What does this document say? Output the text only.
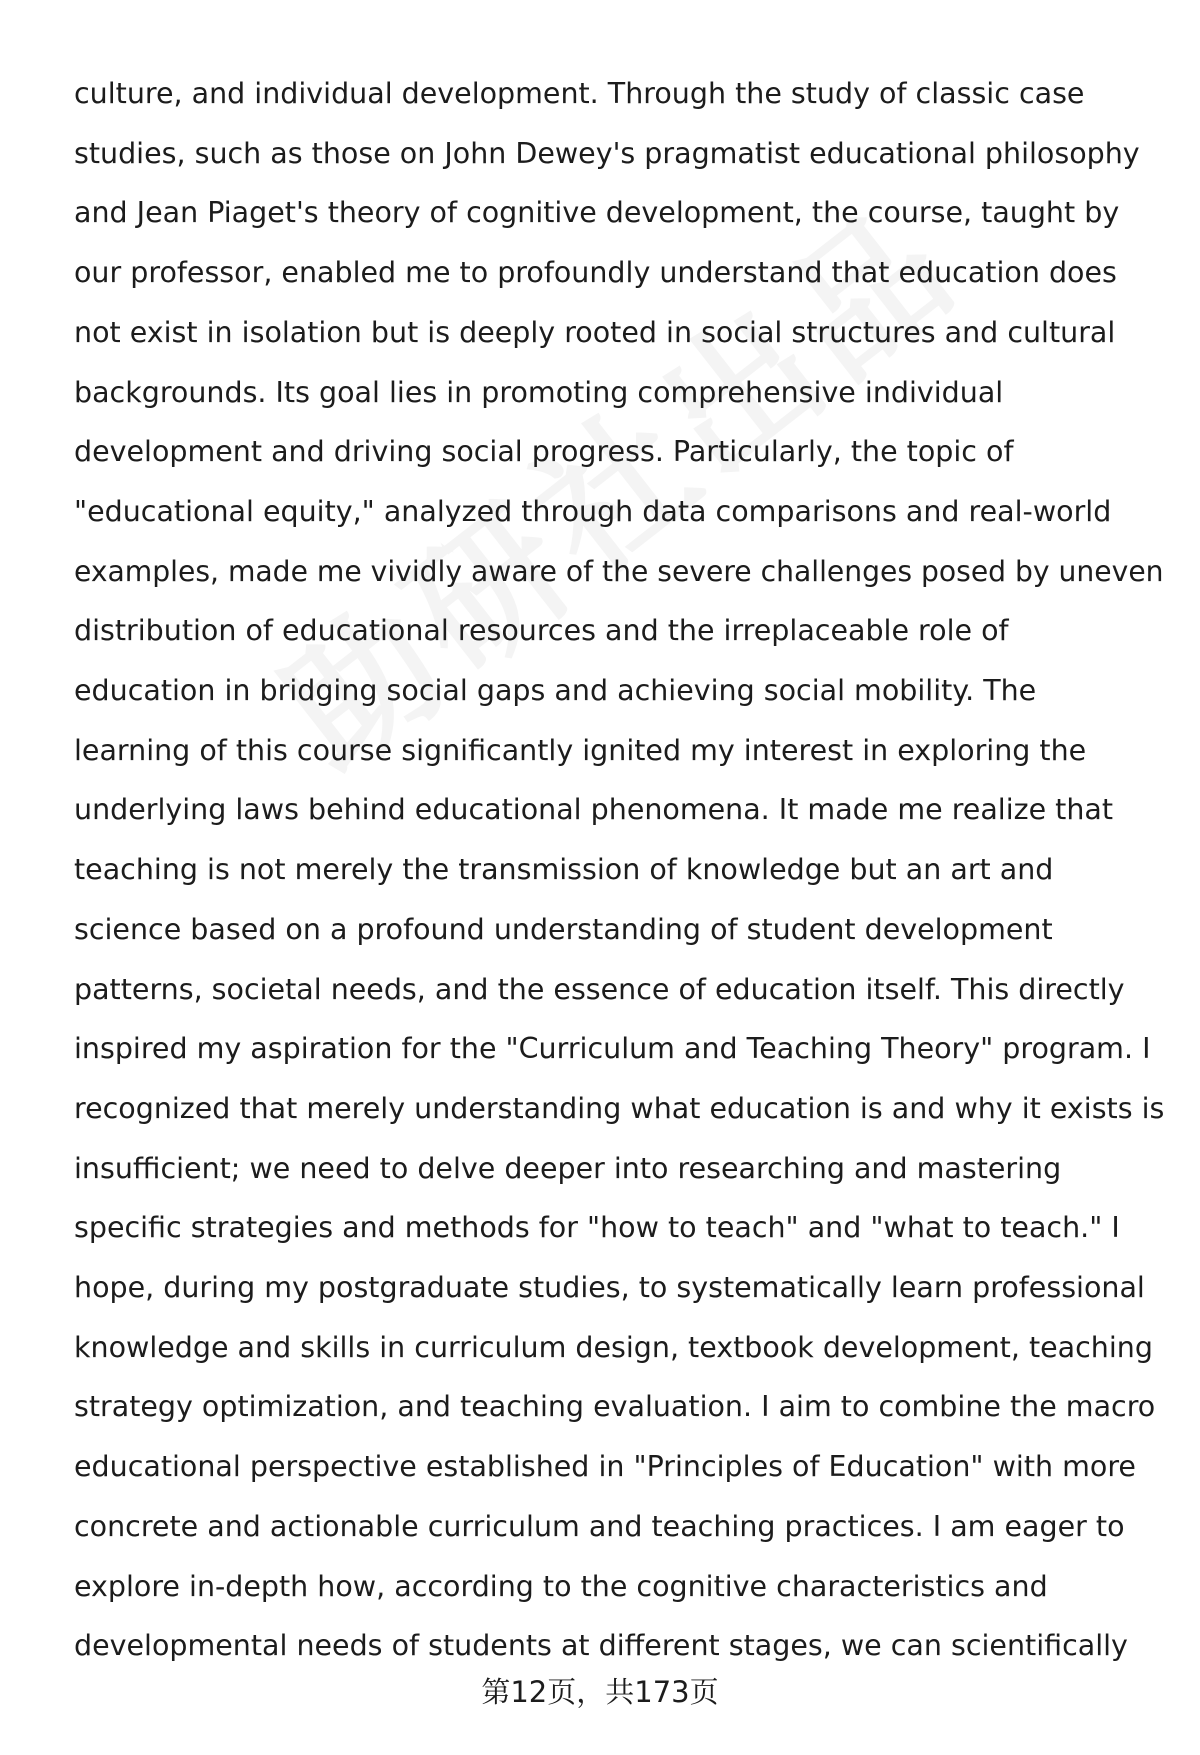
culture, and individual development. Through the study of classic case
studies, such as those on John Dewey's pragmatist educational philosophy
and Jean Piaget's theory of cognitive development, the course, taught by
our professor, enabled me to profoundly understand that education does
not exist in isolation but is deeply rooted in social structures and cultural
backgrounds. Its goal lies in promoting comprehensive individual
development and driving social progress. Particularly, the topic of
"educational equity," analyzed through data comparisons and real-world
examples, made me vividly aware of the severe challenges posed by uneven
distribution of educational resources and the irreplaceable role of
education in bridging social gaps and achieving social mobility. The
learning of this course significantly ignited my interest in exploring the
underlying laws behind educational phenomena. It made me realize that
teaching is not merely the transmission of knowledge but an art and
science based on a profound understanding of student development
patterns, societal needs, and the essence of education itself. This directly
inspired my aspiration for the "Curriculum and Teaching Theory" program. I
recognized that merely understanding what education is and why it exists is
insufficient; we need to delve deeper into researching and mastering
specific strategies and methods for "how to teach" and "what to teach." I
hope, during my postgraduate studies, to systematically learn professional
knowledge and skills in curriculum design, textbook development, teaching
strategy optimization, and teaching evaluation. I aim to combine the macro
educational perspective established in "Principles of Education" with more
concrete and actionable curriculum and teaching practices. I am eager to
explore in-depth how, according to the cognitive characteristics and
developmental needs of students at different stages, we can scientifically
第12页，共173页
